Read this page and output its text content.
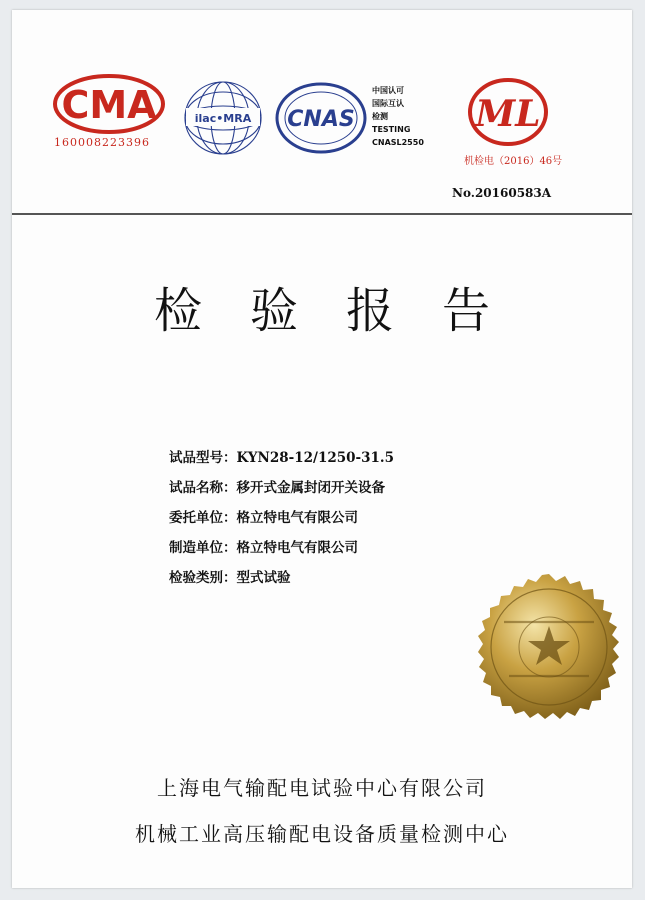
CMA
160008223396
ilac•MRA CNAS
中国认可
国际互认
检测
TESTING
CNASL2550
ML
机检电（2016）46号
No.20160583A
检验报告
试品型号：KYN28-12/1250-31.5
试品名称：移开式金属封闭开关设备
委托单位：格立特电气有限公司
制造单位：格立特电气有限公司
检验类别：型式试验
上海电气输配电试验中心有限公司
机械工业高压输配电设备质量检测中心
